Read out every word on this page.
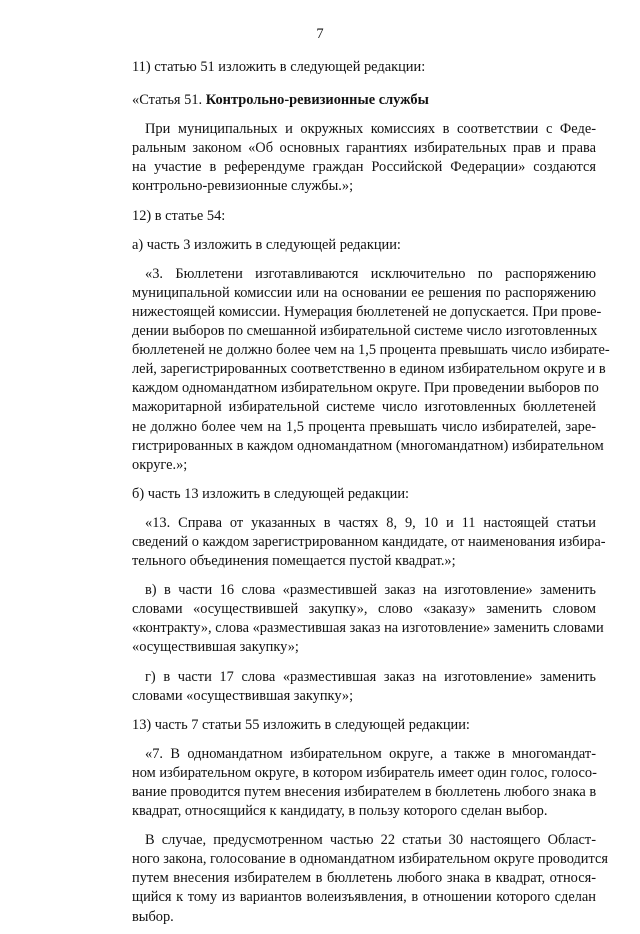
7
11) статью 51 изложить в следующей редакции:
«Статья 51. Контрольно-ревизионные службы
При муниципальных и окружных комиссиях в соответствии с Феде-
ральным законом «Об основных гарантиях избирательных прав и права
на участие в референдуме граждан Российской Федерации» создаются
контрольно-ревизионные службы.»;
12) в статье 54:
а) часть 3 изложить в следующей редакции:
«3. Бюллетени изготавливаются исключительно по распоряжению
муниципальной комиссии или на основании ее решения по распоряжению
нижестоящей комиссии. Нумерация бюллетеней не допускается. При прове-
дении выборов по смешанной избирательной системе число изготовленных
бюллетеней не должно более чем на 1,5 процента превышать число избирате-
лей, зарегистрированных соответственно в едином избирательном округе и в
каждом одномандатном избирательном округе. При проведении выборов по
мажоритарной избирательной системе число изготовленных бюллетеней
не должно более чем на 1,5 процента превышать число избирателей, заре-
гистрированных в каждом одномандатном (многомандатном) избирательном
округе.»;
б) часть 13 изложить в следующей редакции:
«13. Справа от указанных в частях 8, 9, 10 и 11 настоящей статьи
сведений о каждом зарегистрированном кандидате, от наименования избира-
тельного объединения помещается пустой квадрат.»;
в) в части 16 слова «разместившей заказ на изготовление» заменить
словами «осуществившей закупку», слово «заказу» заменить словом
«контракту», слова «разместившая заказ на изготовление» заменить словами
«осуществившая закупку»;
г) в части 17 слова «разместившая заказ на изготовление» заменить
словами «осуществившая закупку»;
13) часть 7 статьи 55 изложить в следующей редакции:
«7. В одномандатном избирательном округе, а также в многомандат-
ном избирательном округе, в котором избиратель имеет один голос, голосо-
вание проводится путем внесения избирателем в бюллетень любого знака в
квадрат, относящийся к кандидату, в пользу которого сделан выбор.
В случае, предусмотренном частью 22 статьи 30 настоящего Област-
ного закона, голосование в одномандатном избирательном округе проводится
путем внесения избирателем в бюллетень любого знака в квадрат, относя-
щийся к тому из вариантов волеизъявления, в отношении которого сделан
выбор.
